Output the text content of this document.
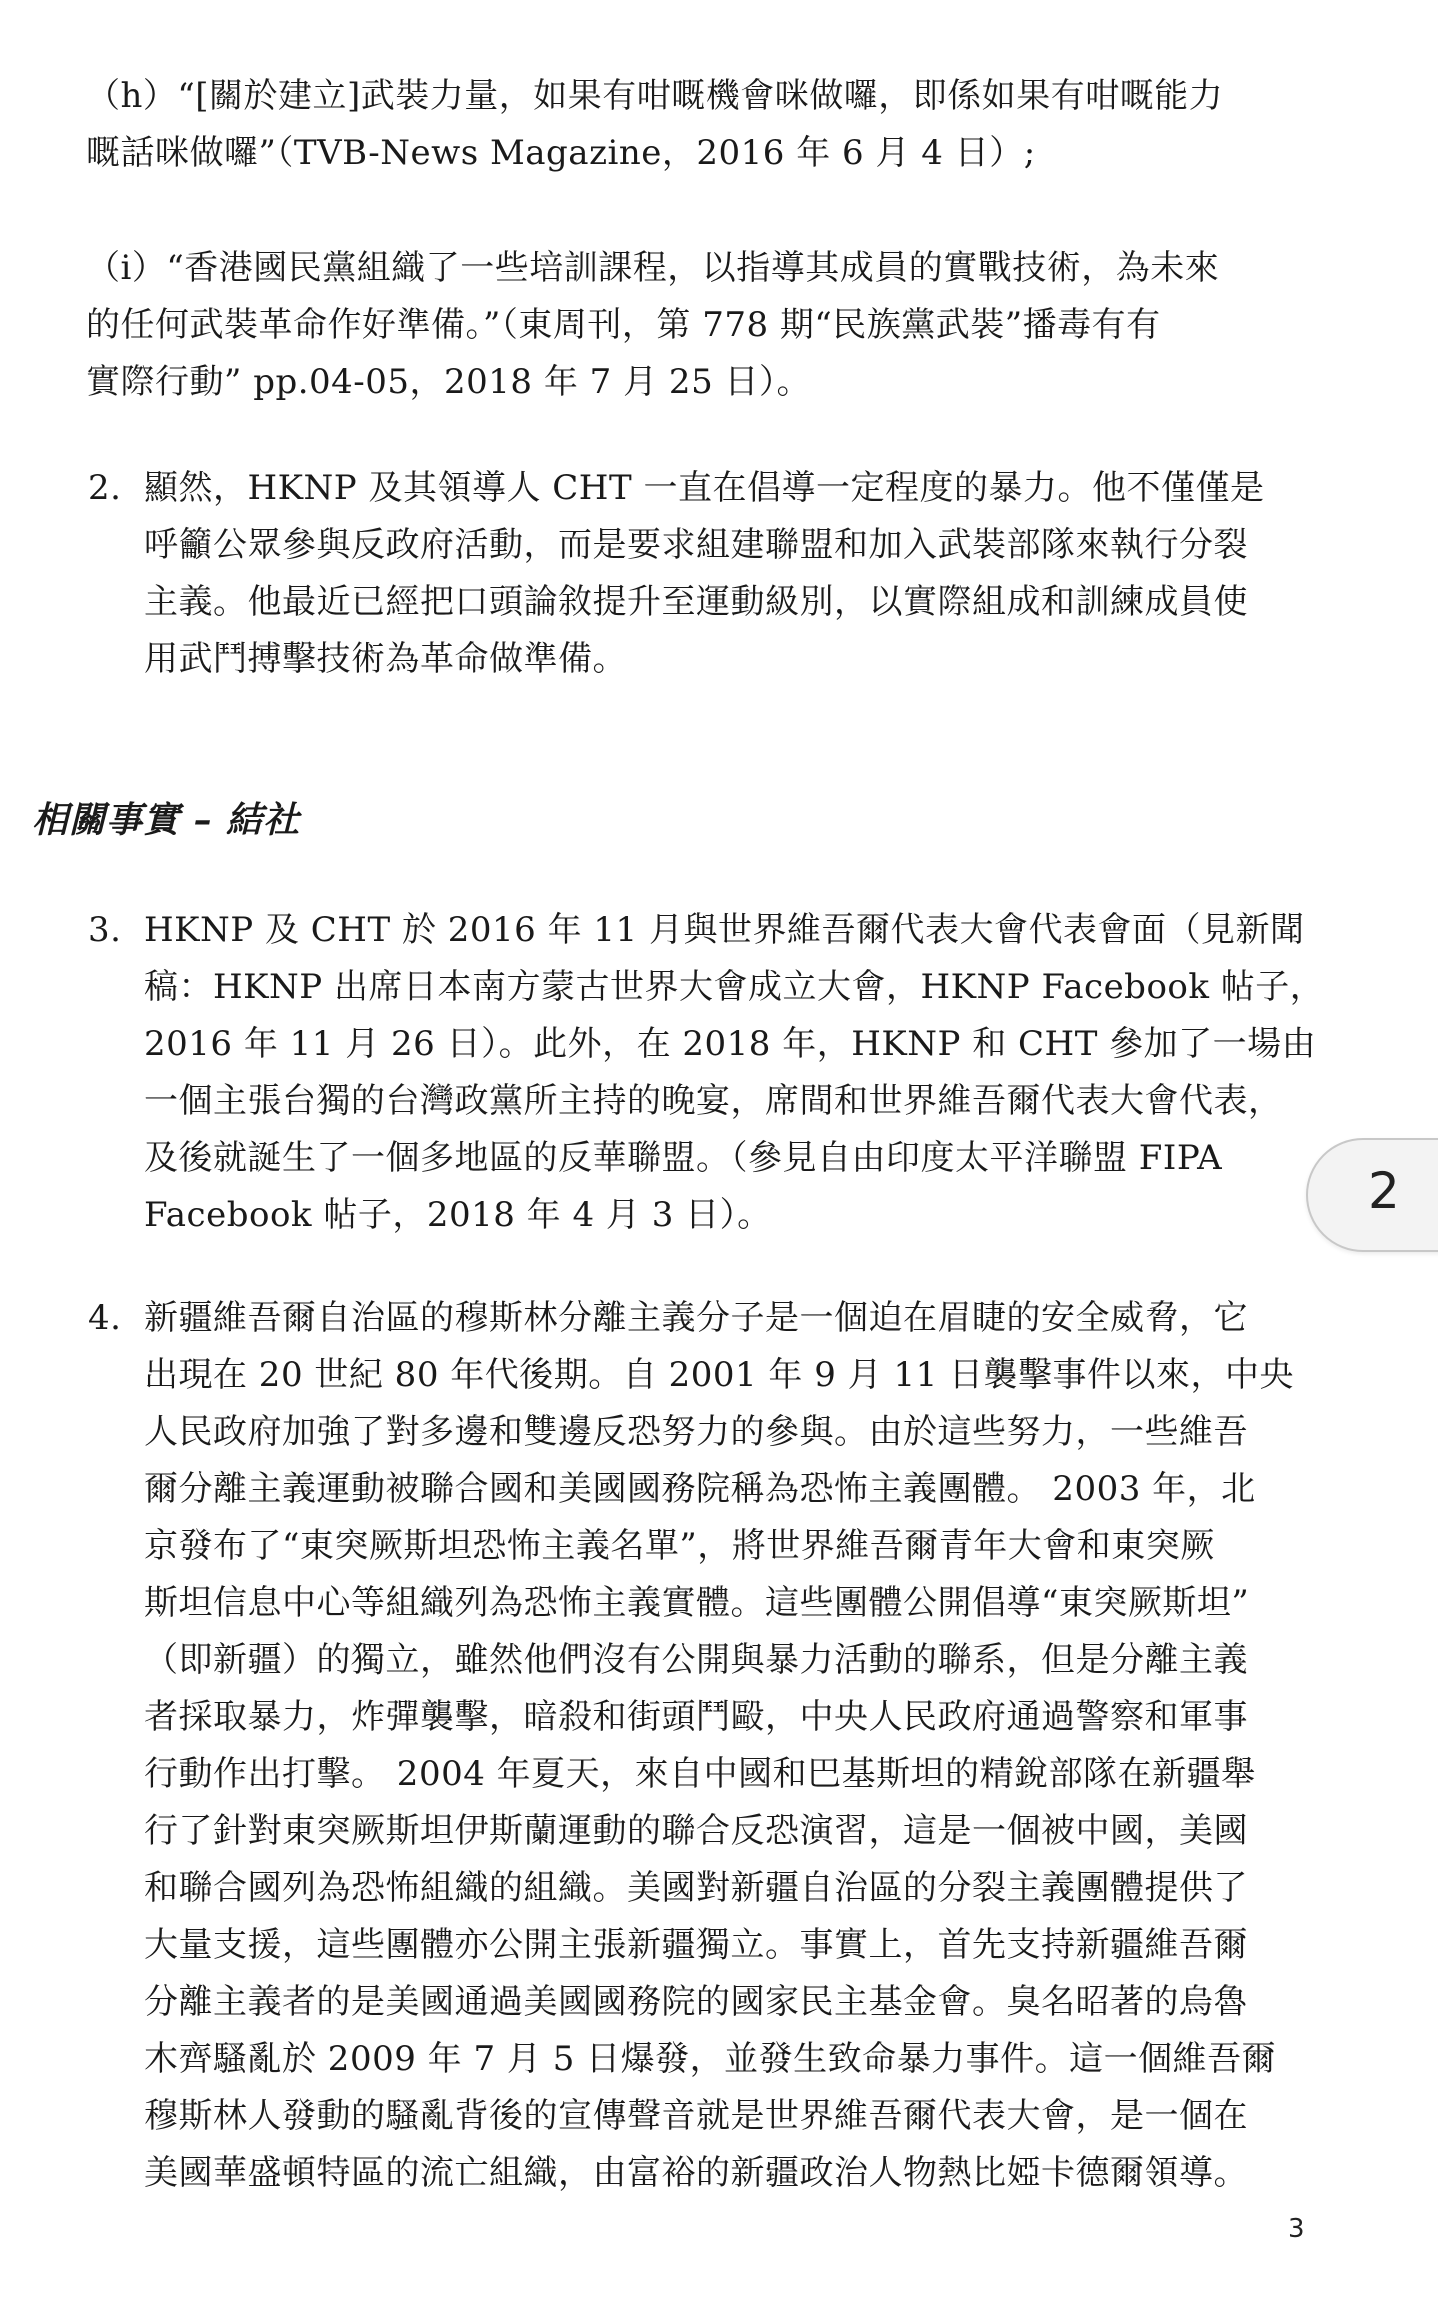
（h）“[關於建立]武裝力量，如果有咁嘅機會咪做囉，即係如果有咁嘅能力
嘅話咪做囉”（TVB-News Magazine，2016 年 6 月 4 日）;
（i）“香港國民黨組織了一些培訓課程，以指導其成員的實戰技術，為未來
的任何武裝革命作好準備。”（東周刊，第 778 期“民族黨武裝”播毒有有
實際行動” pp.04-05，2018 年 7 月 25 日）。
2. 顯然，HKNP 及其領導人 CHT 一直在倡導一定程度的暴力。他不僅僅是
呼籲公眾參與反政府活動，而是要求組建聯盟和加入武裝部隊來執行分裂
主義。他最近已經把口頭論敘提升至運動級別，以實際組成和訓練成員使
用武鬥搏擊技術為革命做準備。
相關事實 – 結社
3. HKNP 及 CHT 於 2016 年 11 月與世界維吾爾代表大會代表會面（見新聞
稿：HKNP 出席日本南方蒙古世界大會成立大會，HKNP Facebook 帖子，
2016 年 11 月 26 日）。此外，在 2018 年，HKNP 和 CHT 參加了一場由
一個主張台獨的台灣政黨所主持的晚宴，席間和世界維吾爾代表大會代表，
及後就誕生了一個多地區的反華聯盟。（參見自由印度太平洋聯盟 FIPA
Facebook 帖子，2018 年 4 月 3 日）。
4. 新疆維吾爾自治區的穆斯林分離主義分子是一個迫在眉睫的安全威脅，它
出現在 20 世紀 80 年代後期。自 2001 年 9 月 11 日襲擊事件以來，中央
人民政府加強了對多邊和雙邊反恐努力的參與。由於這些努力，一些維吾
爾分離主義運動被聯合國和美國國務院稱為恐怖主義團體。 2003 年，北
京發布了“東突厥斯坦恐怖主義名單”，將世界維吾爾青年大會和東突厥
斯坦信息中心等組織列為恐怖主義實體。這些團體公開倡導“東突厥斯坦”
（即新疆）的獨立，雖然他們沒有公開與暴力活動的聯系，但是分離主義
者採取暴力，炸彈襲擊，暗殺和街頭鬥毆，中央人民政府通過警察和軍事
行動作出打擊。 2004 年夏天，來自中國和巴基斯坦的精銳部隊在新疆舉
行了針對東突厥斯坦伊斯蘭運動的聯合反恐演習，這是一個被中國，美國
和聯合國列為恐怖組織的組織。美國對新疆自治區的分裂主義團體提供了
大量支援，這些團體亦公開主張新疆獨立。事實上，首先支持新疆維吾爾
分離主義者的是美國通過美國國務院的國家民主基金會。臭名昭著的烏魯
木齊騷亂於 2009 年 7 月 5 日爆發，並發生致命暴力事件。這一個維吾爾
穆斯林人發動的騷亂背後的宣傳聲音就是世界維吾爾代表大會，是一個在
美國華盛頓特區的流亡組織，由富裕的新疆政治人物熱比婭卡德爾領導。
2
3
